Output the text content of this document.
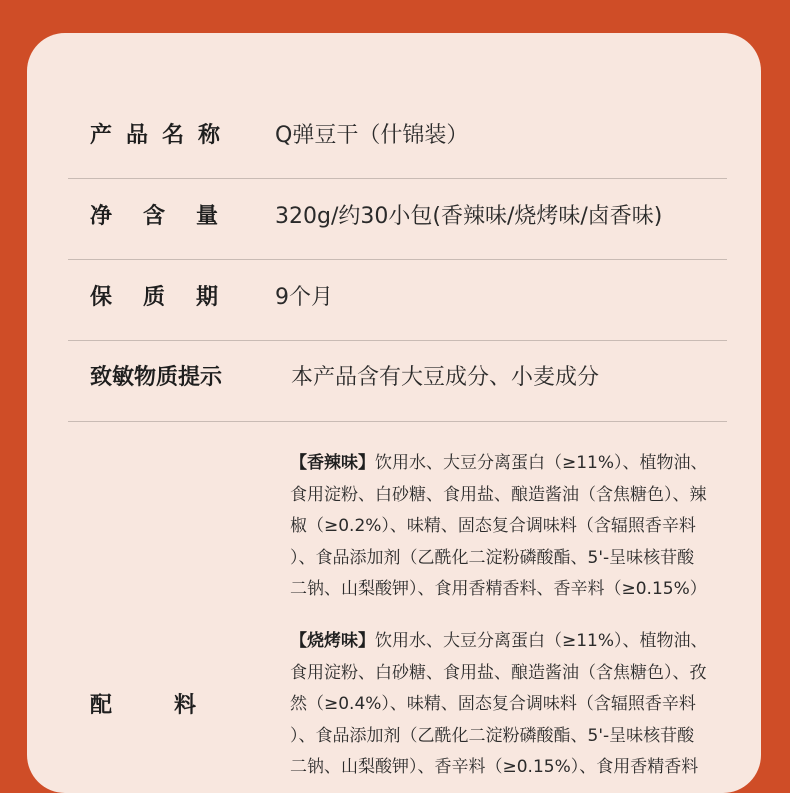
产品名称 Q弹豆干（什锦装）
净含量 320g/约30小包(香辣味/烧烤味/卤香味)
保质期 9个月
致敏物质提示	本产品含有大豆成分、小麦成分
配料

【香辣味】饮用水、大豆分离蛋白（≥11%）、植物油、

食用淀粉、白砂糖、食用盐、酿造酱油（含焦糖色）、辣

椒（≥0.2%）、味精、固态复合调味料（含辐照香辛料

）、食品添加剂（乙酰化二淀粉磷酸酯、5'-呈味核苷酸

二钠、山梨酸钾）、食用香精香料、香辛料（≥0.15%）

【烧烤味】饮用水、大豆分离蛋白（≥11%）、植物油、

食用淀粉、白砂糖、食用盐、酿造酱油（含焦糖色）、孜

然（≥0.4%）、味精、固态复合调味料（含辐照香辛料

）、食品添加剂（乙酰化二淀粉磷酸酯、5'-呈味核苷酸

二钠、山梨酸钾）、香辛料（≥0.15%）、食用香精香料
